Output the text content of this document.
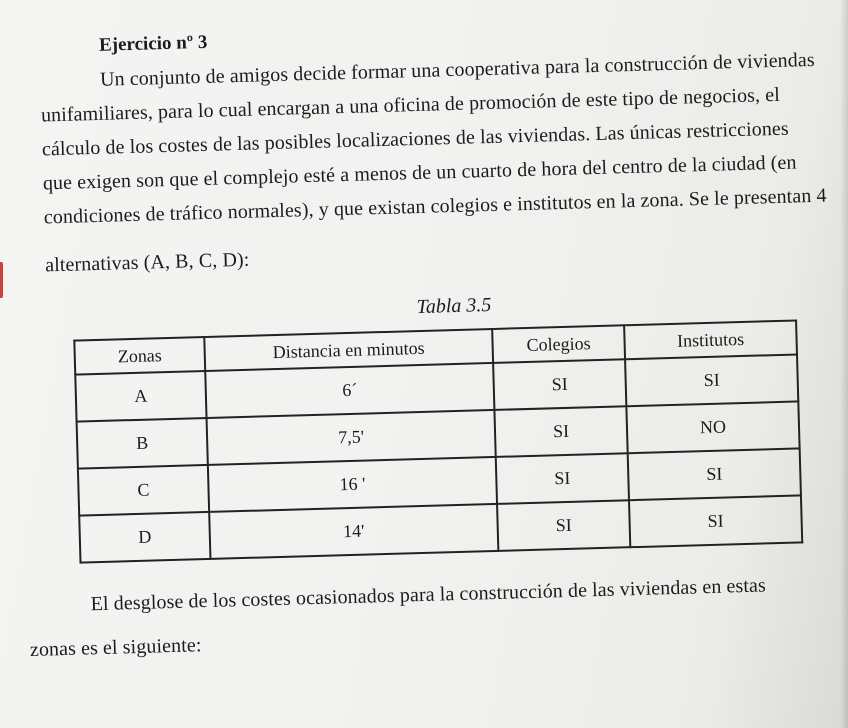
Ejercicio nº 3
Un conjunto de amigos decide formar una cooperativa para la construcción de viviendas
unifamiliares, para lo cual encargan a una oficina de promoción de este tipo de negocios, el
cálculo de los costes de las posibles localizaciones de las viviendas. Las únicas restricciones
que exigen son que el complejo esté a menos de un cuarto de hora del centro de la ciudad (en
condiciones de tráfico normales), y que existan colegios e institutos en la zona. Se le presentan 4
alternativas (A, B, C, D):
Tabla 3.5
Zonas	Distancia en minutos	Colegios	Institutos
A	6´	SI	SI
B	7,5'	SI	NO
C	16 '	SI	SI
D	14'	SI	SI
El desglose de los costes ocasionados para la construcción de las viviendas en estas
zonas es el siguiente:
